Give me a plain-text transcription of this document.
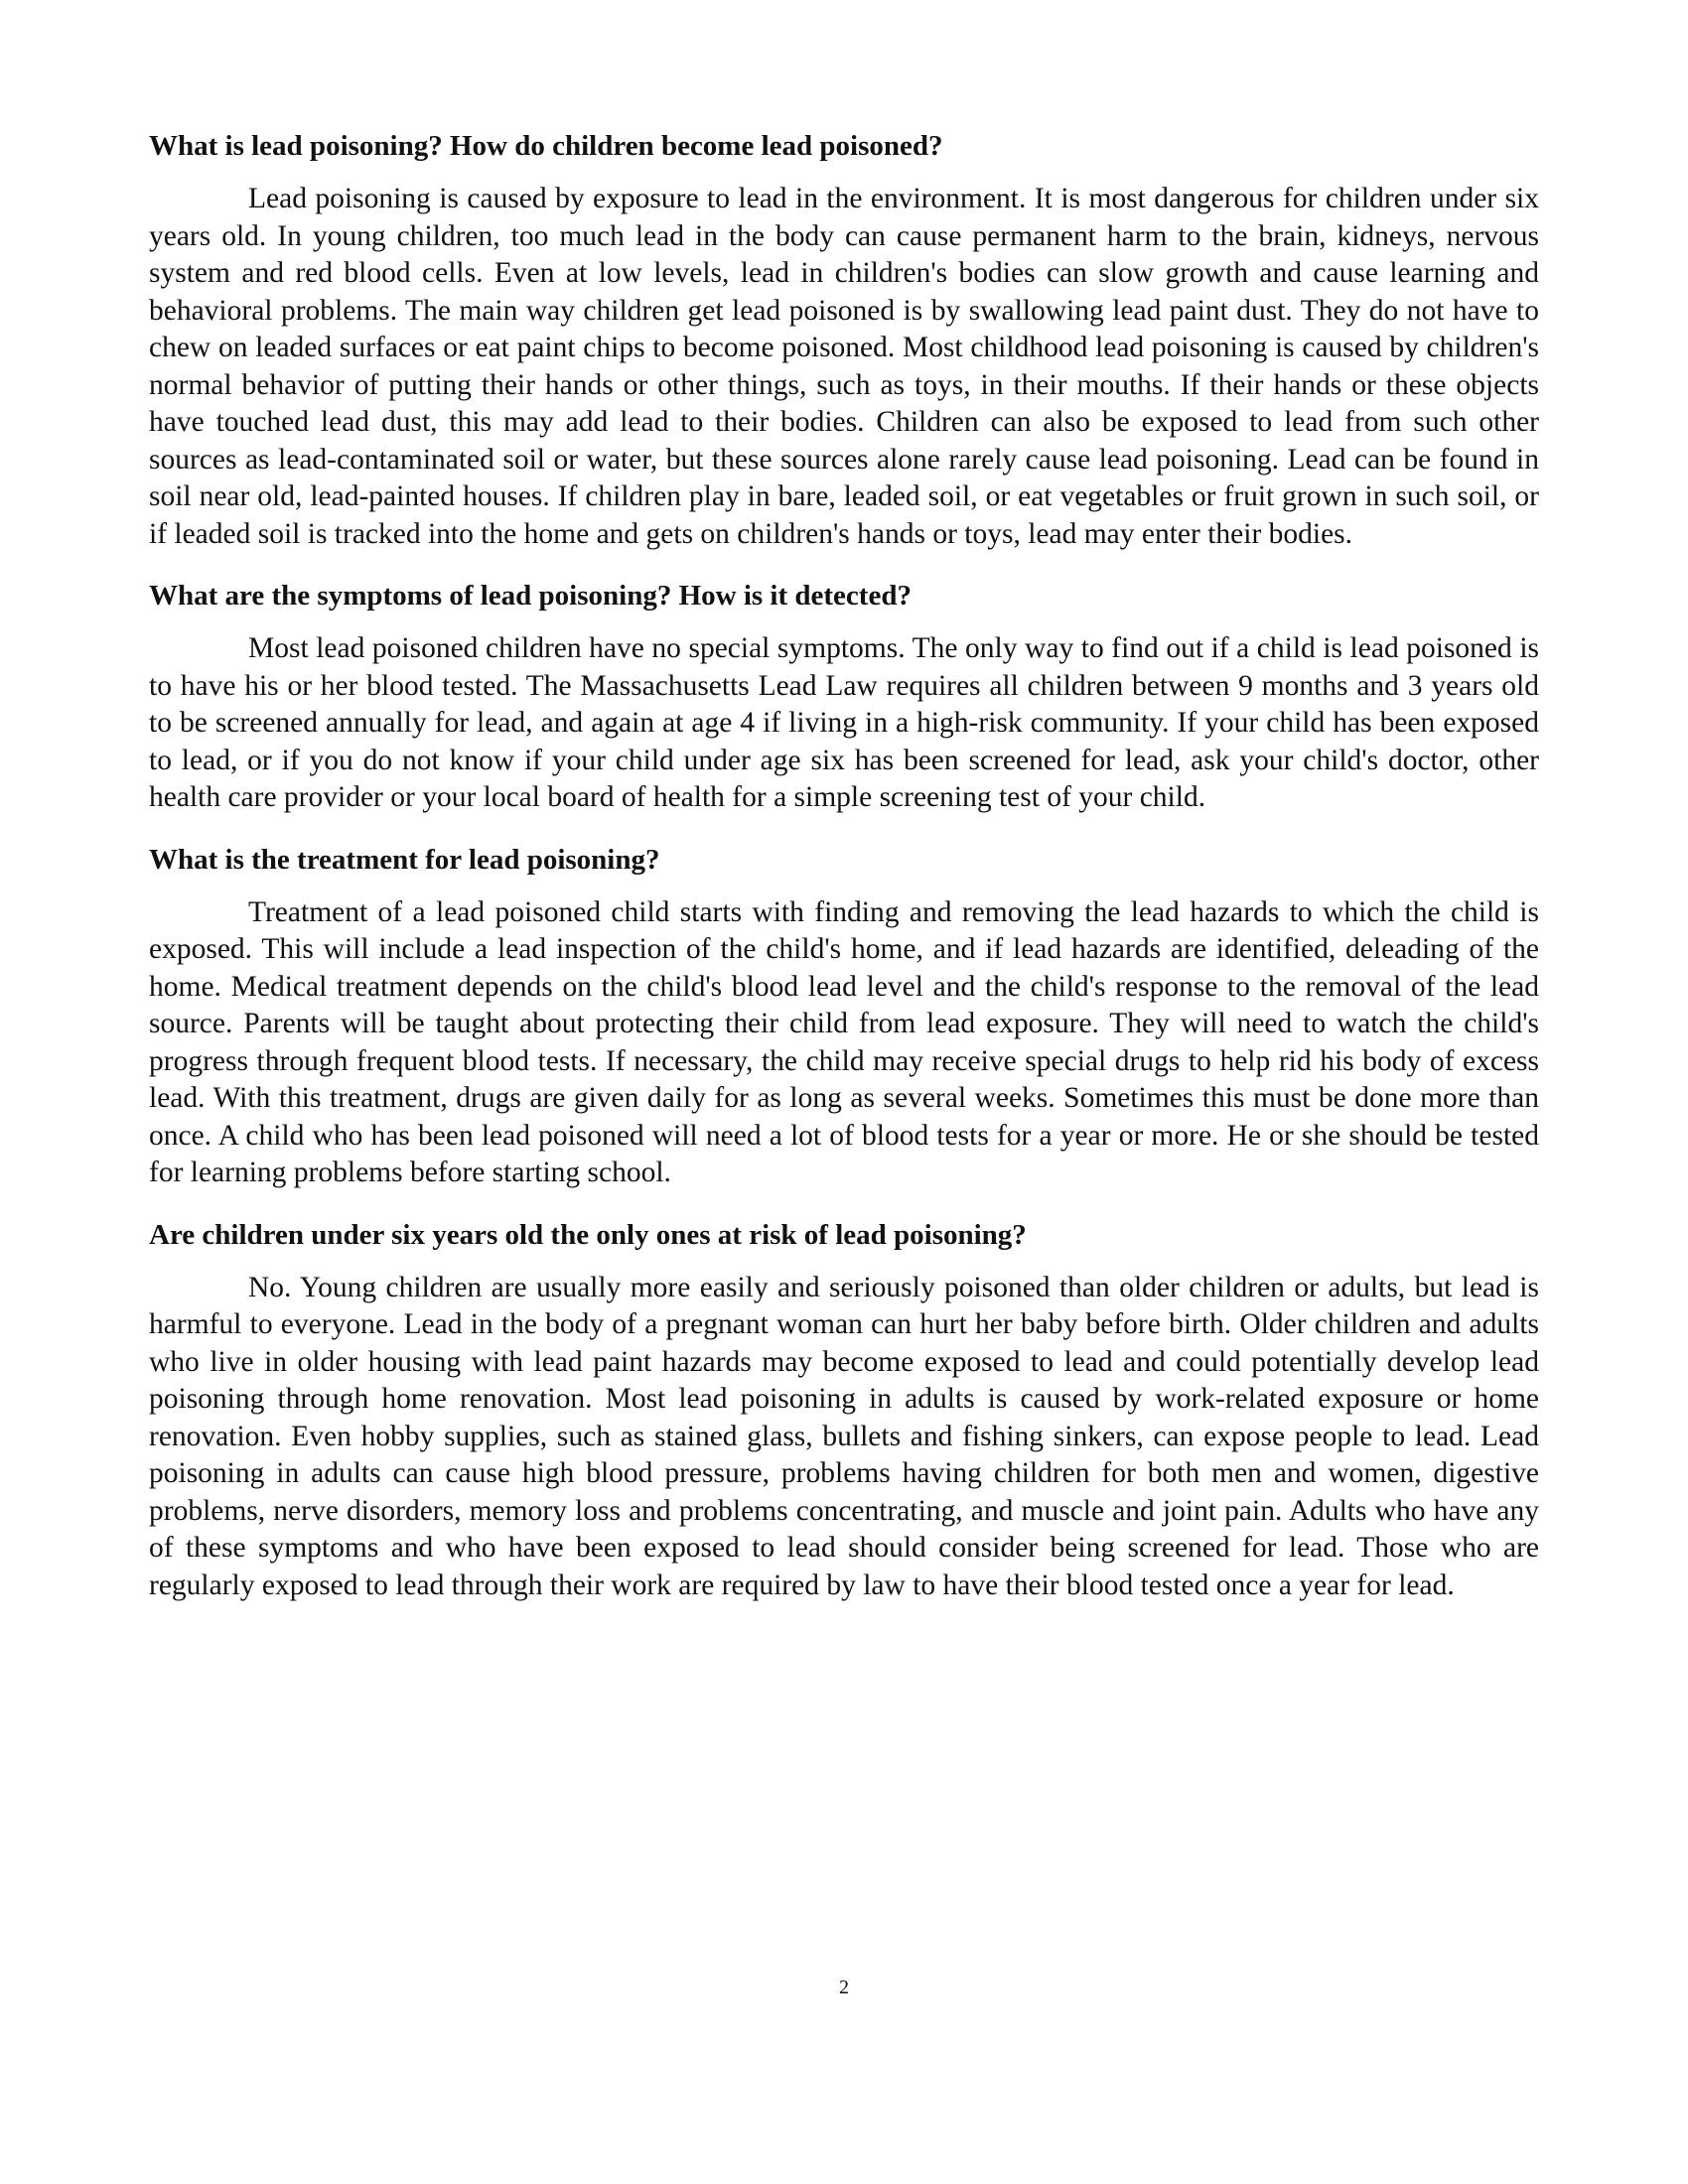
What is lead poisoning? How do children become lead poisoned?

Lead poisoning is caused by exposure to lead in the environment. It is most dangerous for children under six years old. In young children, too much lead in the body can cause permanent harm to the brain, kidneys, nervous system and red blood cells. Even at low levels, lead in children's bodies can slow growth and cause learning and behavioral problems. The main way children get lead poisoned is by swallowing lead paint dust. They do not have to chew on leaded surfaces or eat paint chips to become poisoned. Most childhood lead poisoning is caused by children's normal behavior of putting their hands or other things, such as toys, in their mouths. If their hands or these objects have touched lead dust, this may add lead to their bodies. Children can also be exposed to lead from such other sources as lead-contaminated soil or water, but these sources alone rarely cause lead poisoning. Lead can be found in soil near old, lead-painted houses. If children play in bare, leaded soil, or eat vegetables or fruit grown in such soil, or if leaded soil is tracked into the home and gets on children's hands or toys, lead may enter their bodies.

What are the symptoms of lead poisoning? How is it detected?

Most lead poisoned children have no special symptoms. The only way to find out if a child is lead poisoned is to have his or her blood tested. The Massachusetts Lead Law requires all children between 9 months and 3 years old to be screened annually for lead, and again at age 4 if living in a high-risk community. If your child has been exposed to lead, or if you do not know if your child under age six has been screened for lead, ask your child's doctor, other health care provider or your local board of health for a simple screening test of your child.

What is the treatment for lead poisoning?

Treatment of a lead poisoned child starts with finding and removing the lead hazards to which the child is exposed. This will include a lead inspection of the child's home, and if lead hazards are identified, deleading of the home. Medical treatment depends on the child's blood lead level and the child's response to the removal of the lead source. Parents will be taught about protecting their child from lead exposure. They will need to watch the child's progress through frequent blood tests. If necessary, the child may receive special drugs to help rid his body of excess lead. With this treatment, drugs are given daily for as long as several weeks. Sometimes this must be done more than once. A child who has been lead poisoned will need a lot of blood tests for a year or more. He or she should be tested for learning problems before starting school.

Are children under six years old the only ones at risk of lead poisoning?

No. Young children are usually more easily and seriously poisoned than older children or adults, but lead is harmful to everyone. Lead in the body of a pregnant woman can hurt her baby before birth. Older children and adults who live in older housing with lead paint hazards may become exposed to lead and could potentially develop lead poisoning through home renovation. Most lead poisoning in adults is caused by work-related exposure or home renovation. Even hobby supplies, such as stained glass, bullets and fishing sinkers, can expose people to lead. Lead poisoning in adults can cause high blood pressure, problems having children for both men and women, digestive problems, nerve disorders, memory loss and problems concentrating, and muscle and joint pain. Adults who have any of these symptoms and who have been exposed to lead should consider being screened for lead. Those who are regularly exposed to lead through their work are required by law to have their blood tested once a year for lead.

2
